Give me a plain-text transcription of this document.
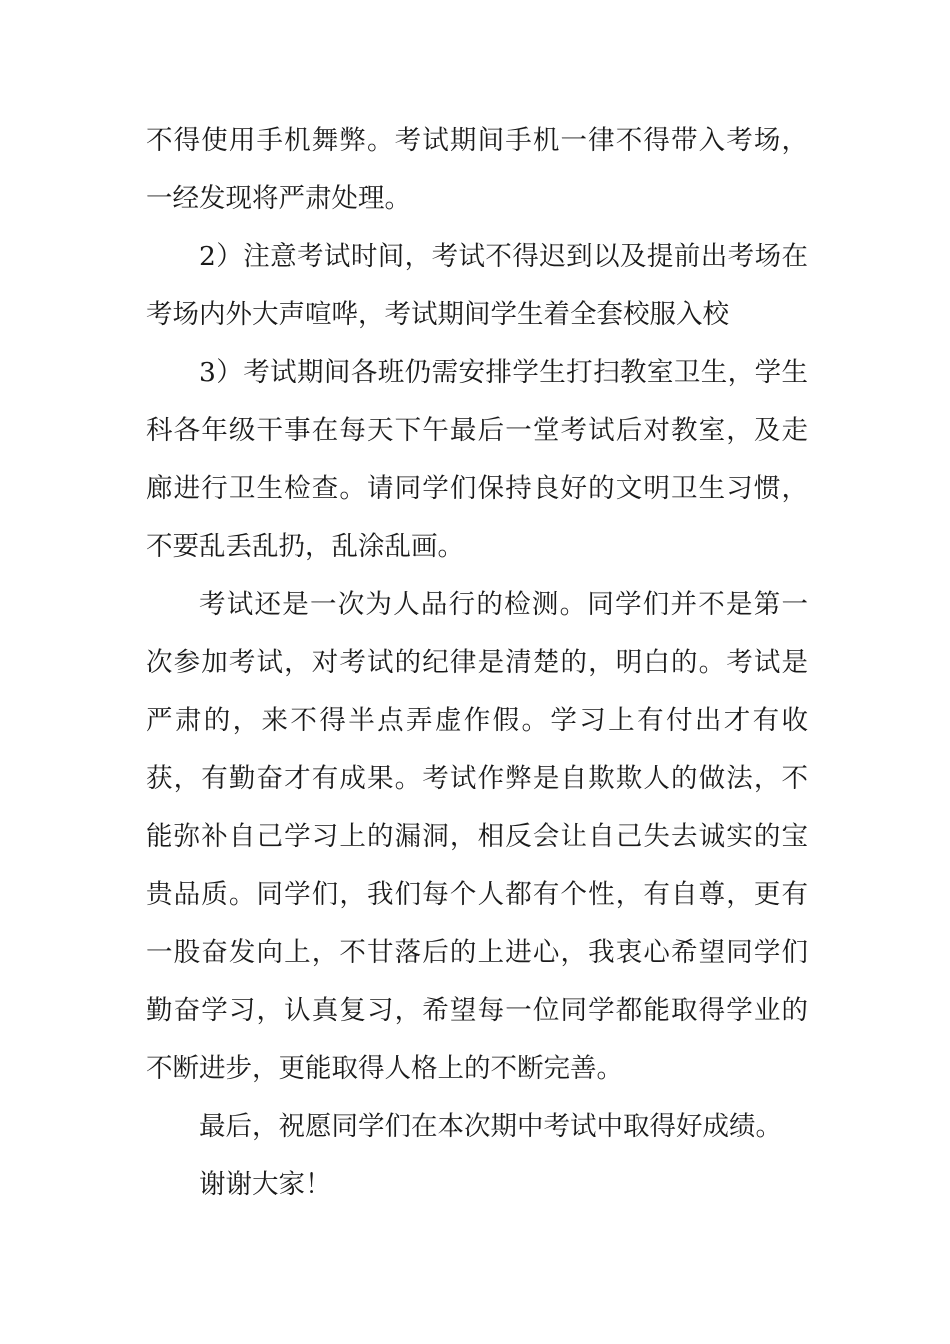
不得使用手机舞弊。考试期间手机一律不得带入考场，一经发现将严肃处理。

2）注意考试时间，考试不得迟到以及提前出考场在考场内外大声喧哗，考试期间学生着全套校服入校

3）考试期间各班仍需安排学生打扫教室卫生，学生科各年级干事在每天下午最后一堂考试后对教室，及走廊进行卫生检查。请同学们保持良好的文明卫生习惯，不要乱丢乱扔，乱涂乱画。

考试还是一次为人品行的检测。同学们并不是第一次参加考试，对考试的纪律是清楚的，明白的。考试是严肃的，来不得半点弄虚作假。学习上有付出才有收获，有勤奋才有成果。考试作弊是自欺欺人的做法，不能弥补自己学习上的漏洞，相反会让自己失去诚实的宝贵品质。同学们，我们每个人都有个性，有自尊，更有一股奋发向上，不甘落后的上进心，我衷心希望同学们勤奋学习，认真复习，希望每一位同学都能取得学业的不断进步，更能取得人格上的不断完善。

最后，祝愿同学们在本次期中考试中取得好成绩。

谢谢大家！
